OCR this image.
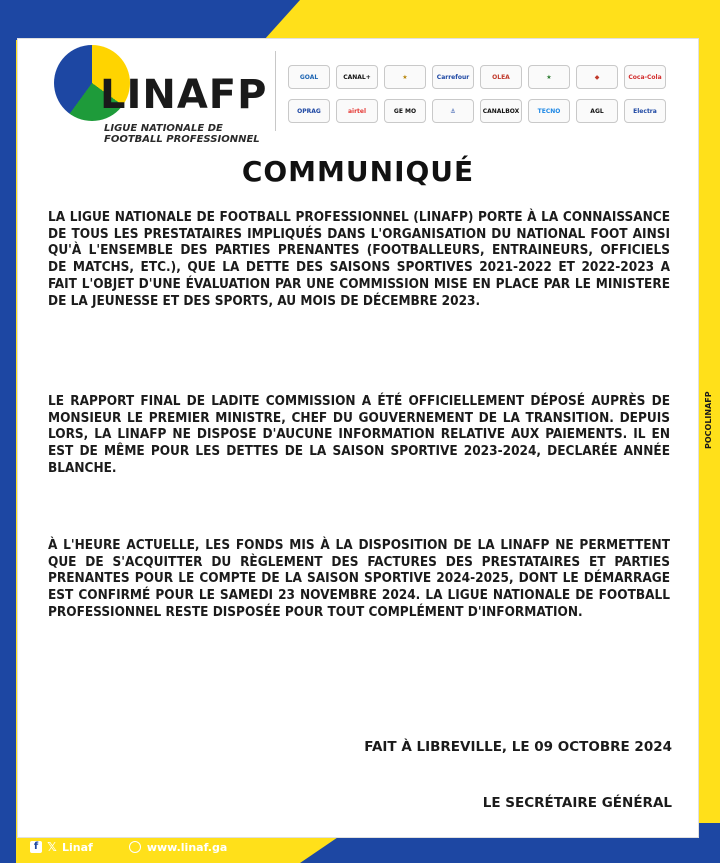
LINAFP
LIGUE NATIONALE DE
FOOTBALL PROFESSIONNEL
GOAL	CANAL+	★	Carrefour	OLEA	★	◆	Coca-Cola
OPRAG	airtel	GE MO	⚓	CANALBOX	TECNO	AGL	Electra
COMMUNIQUÉ

LA LIGUE NATIONALE DE FOOTBALL PROFESSIONNEL (LINAFP) PORTE À LA CONNAISSANCE DE TOUS LES PRESTATAIRES IMPLIQUÉS DANS L'ORGANISATION DU NATIONAL FOOT AINSI QU'À L'ENSEMBLE DES PARTIES PRENANTES (FOOTBALLEURS, ENTRAINEURS, OFFICIELS DE MATCHS, ETC.), QUE LA DETTE DES SAISONS SPORTIVES 2021-2022 ET 2022-2023 A FAIT L'OBJET D'UNE ÉVALUATION PAR UNE COMMISSION MISE EN PLACE PAR LE MINISTERE DE LA JEUNESSE ET DES SPORTS, AU MOIS DE DÉCEMBRE 2023.

LE RAPPORT FINAL DE LADITE COMMISSION A ÉTÉ OFFICIELLEMENT DÉPOSÉ AUPRÈS DE MONSIEUR LE PREMIER MINISTRE, CHEF DU GOUVERNEMENT DE LA TRANSITION. DEPUIS LORS, LA LINAFP NE DISPOSE D'AUCUNE INFORMATION RELATIVE AUX PAIEMENTS. IL EN EST DE MÊME POUR LES DETTES DE LA SAISON SPORTIVE 2023-2024, DECLARÉE ANNÉE BLANCHE.

À L'HEURE ACTUELLE, LES FONDS MIS À LA DISPOSITION DE LA LINAFP NE PERMETTENT QUE DE S'ACQUITTER DU RÈGLEMENT DES FACTURES DES PRESTATAIRES ET PARTIES PRENANTES POUR LE COMPTE DE LA SAISON SPORTIVE 2024-2025, DONT LE DÉMARRAGE EST CONFIRMÉ POUR LE SAMEDI 23 NOVEMBRE 2024. LA LIGUE NATIONALE DE FOOTBALL PROFESSIONNEL RESTE DISPOSÉE POUR TOUT COMPLÉMENT D'INFORMATION.

FAIT À LIBREVILLE, LE 09 OCTOBRE 2024
LE SECRÉTAIRE GÉNÉRAL
POCOLINAFP
f 𝕏 Linaf	www.linaf.ga
